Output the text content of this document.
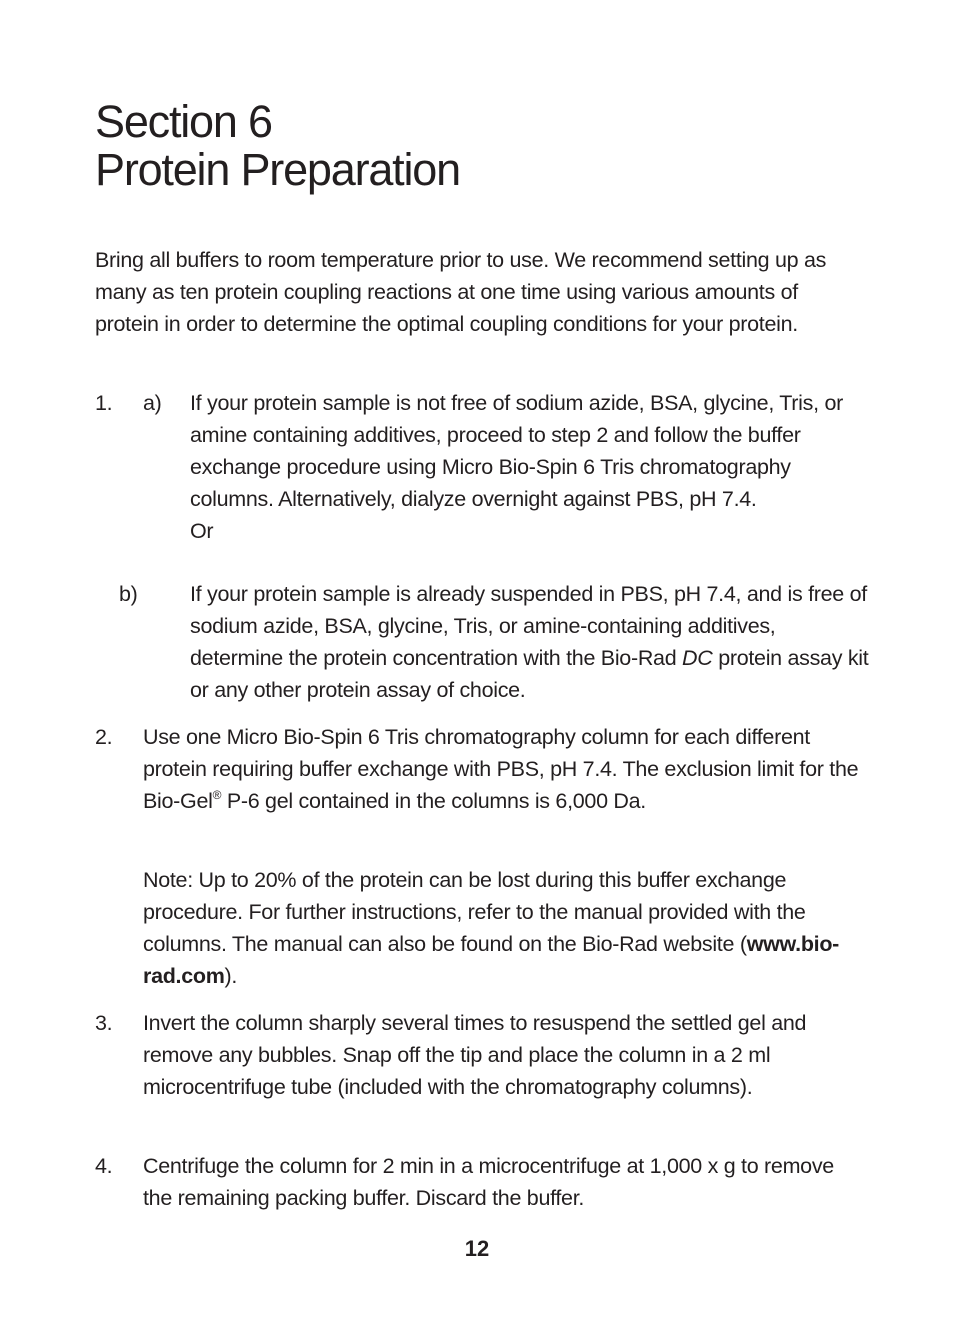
Section 6
Protein Preparation

Bring all buffers to room temperature prior to use. We recommend setting up as many as ten protein coupling reactions at one time using various amounts of protein in order to determine the optimal coupling conditions for your protein.

1. a) If your protein sample is not free of sodium azide, BSA, glycine, Tris, or amine containing additives, proceed to step 2 and follow the buffer exchange procedure using Micro Bio-Spin 6 Tris chromatography columns. Alternatively, dialyze overnight against PBS, pH 7.4.
Or
b) If your protein sample is already suspended in PBS, pH 7.4, and is free of sodium azide, BSA, glycine, Tris, or amine-containing additives, determine the protein concentration with the Bio-Rad DC protein assay kit or any other protein assay of choice.
2. Use one Micro Bio-Spin 6 Tris chromatography column for each different protein requiring buffer exchange with PBS, pH 7.4. The exclusion limit for the Bio-Gel® P-6 gel contained in the columns is 6,000 Da.
Note: Up to 20% of the protein can be lost during this buffer exchange procedure. For further instructions, refer to the manual provided with the columns. The manual can also be found on the Bio-Rad website (www.bio-rad.com).
3. Invert the column sharply several times to resuspend the settled gel and remove any bubbles. Snap off the tip and place the column in a 2 ml microcentrifuge tube (included with the chromatography columns).
4. Centrifuge the column for 2 min in a microcentrifuge at 1,000 x g to remove the remaining packing buffer. Discard the buffer.
12
